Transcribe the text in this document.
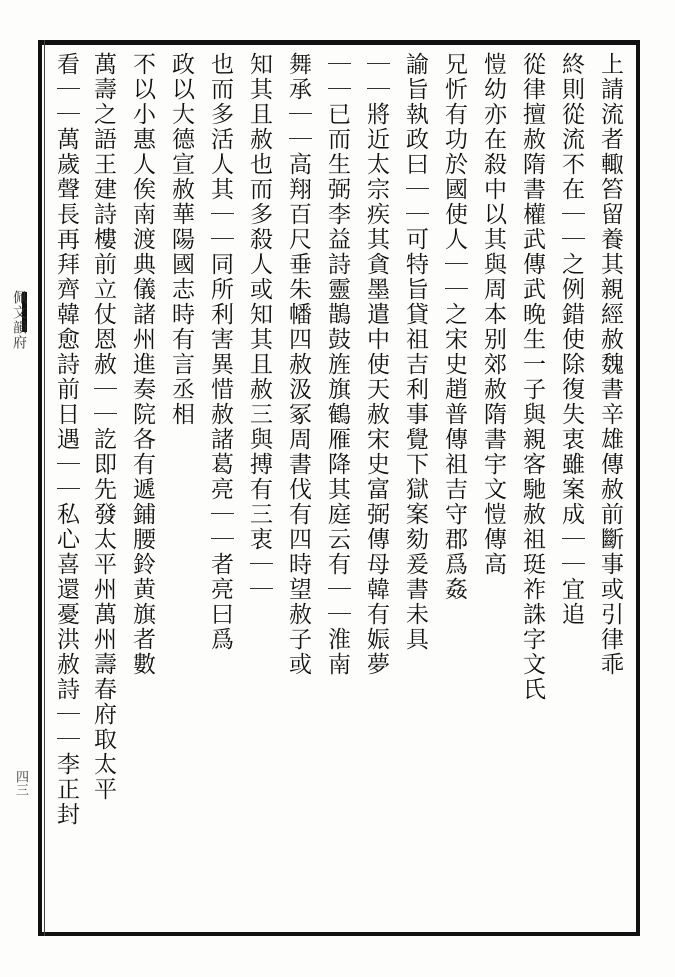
佩文韻府
四三
上請流者輙笞留養其親經赦魏書辛雄傳赦前斷事或引律乖
終則從流不在｜｜之例錯使除復失衷雖案成｜｜宜追
從律擅赦隋書權武傳武晚生一子與親客馳赦祖珽祚誅字文氏
愷幼亦在殺中以其與周本别郊赦隋書宇文愷傳高
兄忻有功於國使人｜｜之宋史趙普傳祖吉守郡爲姦
諭旨執政曰｜｜可特旨貸祖吉利事覺下獄案劾爰書未具
｜｜將近太宗疾其貪墨遣中使天赦宋史富弼傳母韓有娠夢
｜｜已而生弼李益詩靈鵲鼓旌旗鶴雁降其庭云有｜｜淮南
舞承｜｜高翔百尺垂朱幡四赦汲冢周書伐有四時望赦子或
知其且赦也而多殺人或知其且赦三與搏有三衷｜｜
也而多活人其｜｜同所利害異惜赦諸葛亮｜｜者亮曰爲
政以大德宣赦華陽國志時有言丞相
不以小惠人俟南渡典儀諸州進奏院各有遞鋪腰鈴黄旗者數
萬壽之語王建詩樓前立仗恩赦｜｜訖即先發太平州萬州壽春府取太平
看｜｜萬歲聲長再拜齊韓愈詩前日遇｜｜私心喜還憂洪赦詩｜｜李正封
